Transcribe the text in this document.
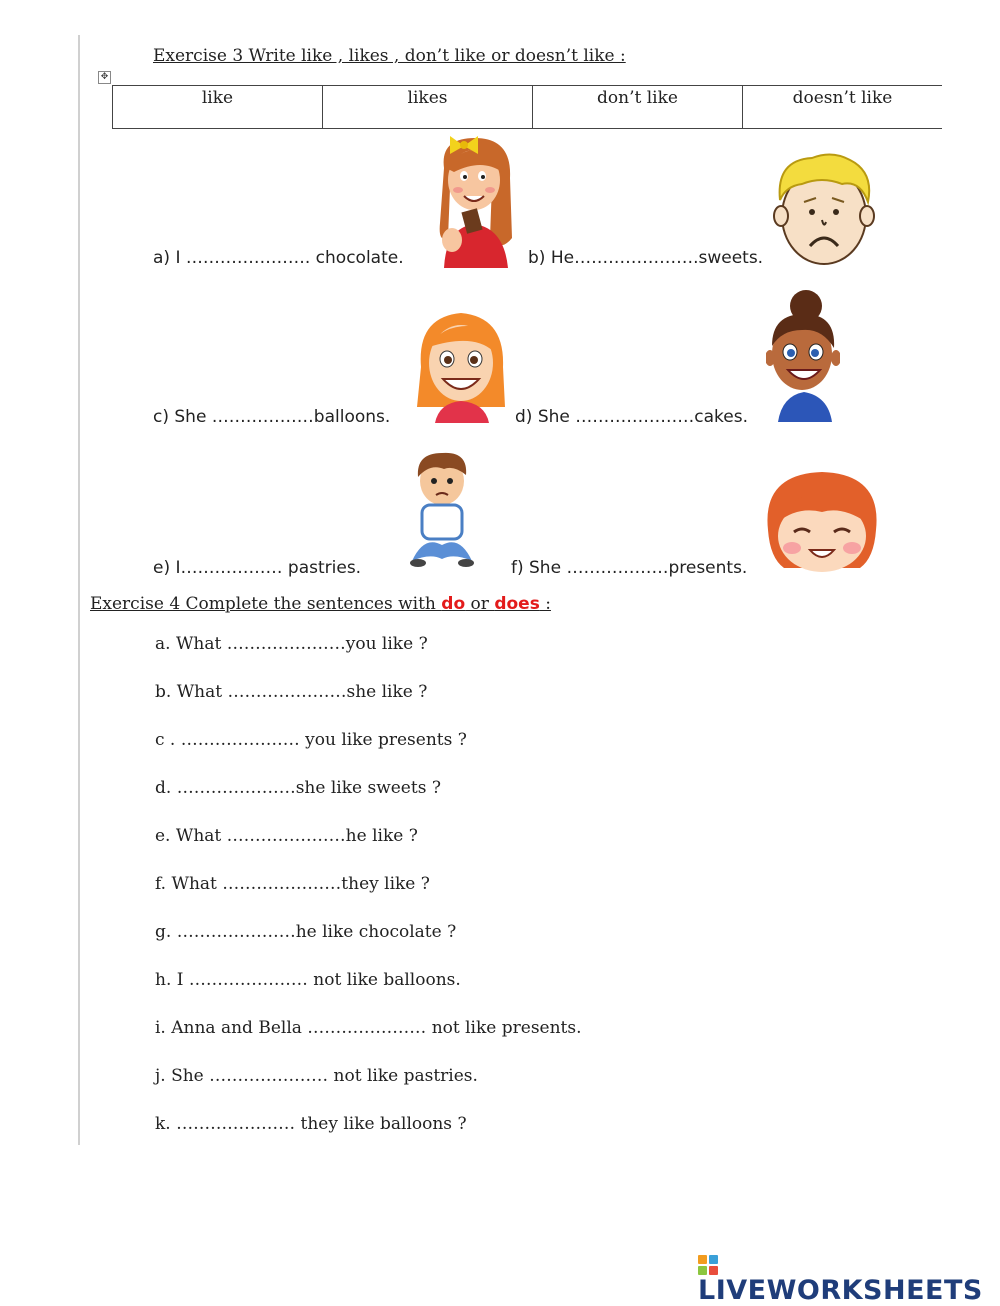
Exercise 3 Write like , likes , don’t like or doesn’t like :
✥
like	likes	don’t like	doesn’t like
a) I …………………. chocolate.	b) He………………….sweets.
c) She ………………balloons.	d) She …………………cakes.
e) I……………… pastries.	f) She ………………presents.
Exercise 4 Complete the sentences with do or does :
a. What …………………you like ?
b. What …………………she like ?
c . ………………… you like presents ?
d. …………………she like sweets ?
e. What …………………he like ?
f. What …………………they like ?
g. …………………he like chocolate ?
h. I ………………… not like balloons.
i. Anna and Bella ………………… not like presents.
j. She ………………… not like pastries.
k. ………………… they like balloons ?
LIVEWORKSHEETS
